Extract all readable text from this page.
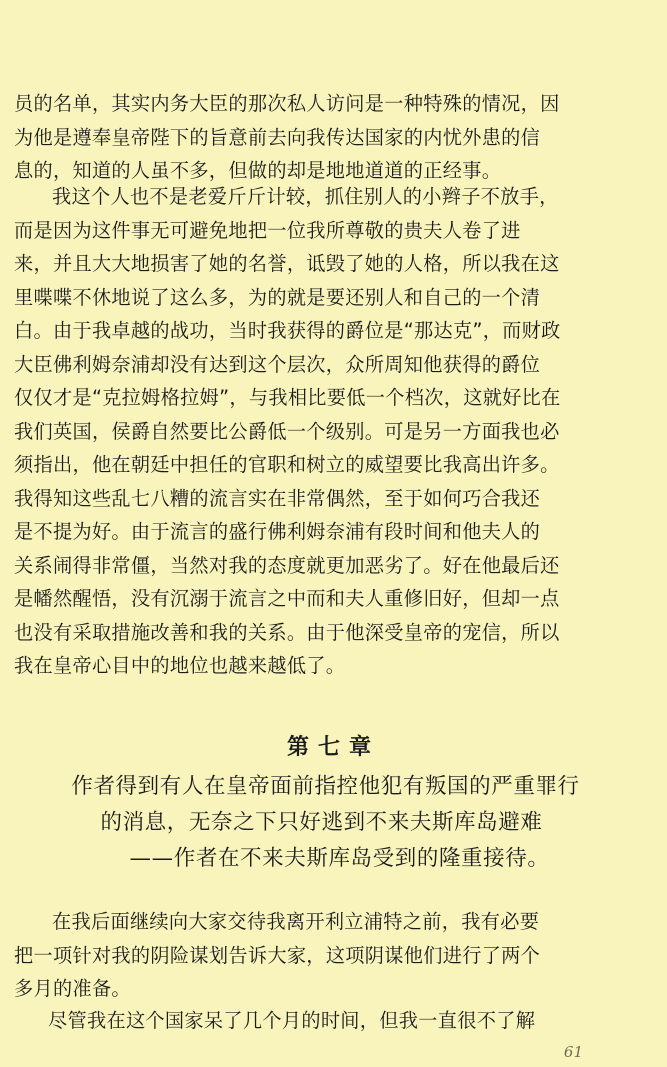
员的名单，其实内务大臣的那次私人访问是一种特殊的情况，因
为他是遵奉皇帝陛下的旨意前去向我传达国家的内忧外患的信
息的，知道的人虽不多，但做的却是地地道道的正经事。
我这个人也不是老爱斤斤计较，抓住别人的小辫子不放手，
而是因为这件事无可避免地把一位我所尊敬的贵夫人卷了进
来，并且大大地损害了她的名誉，诋毁了她的人格，所以我在这
里喋喋不休地说了这么多，为的就是要还别人和自己的一个清
白。由于我卓越的战功，当时我获得的爵位是“那达克”，而财政
大臣佛利姆奈浦却没有达到这个层次，众所周知他获得的爵位
仅仅才是“克拉姆格拉姆”，与我相比要低一个档次，这就好比在
我们英国，侯爵自然要比公爵低一个级别。可是另一方面我也必
须指出，他在朝廷中担任的官职和树立的威望要比我高出许多。
我得知这些乱七八糟的流言实在非常偶然，至于如何巧合我还
是不提为好。由于流言的盛行佛利姆奈浦有段时间和他夫人的
关系闹得非常僵，当然对我的态度就更加恶劣了。好在他最后还
是幡然醒悟，没有沉溺于流言之中而和夫人重修旧好，但却一点
也没有采取措施改善和我的关系。由于他深受皇帝的宠信，所以
我在皇帝心目中的地位也越来越低了。
第七章
作者得到有人在皇帝面前指控他犯有叛国的严重罪行
的消息，无奈之下只好逃到不来夫斯库岛避难
——作者在不来夫斯库岛受到的隆重接待。
在我后面继续向大家交待我离开利立浦特之前，我有必要
把一项针对我的阴险谋划告诉大家，这项阴谋他们进行了两个
多月的准备。
尽管我在这个国家呆了几个月的时间，但我一直很不了解
61
